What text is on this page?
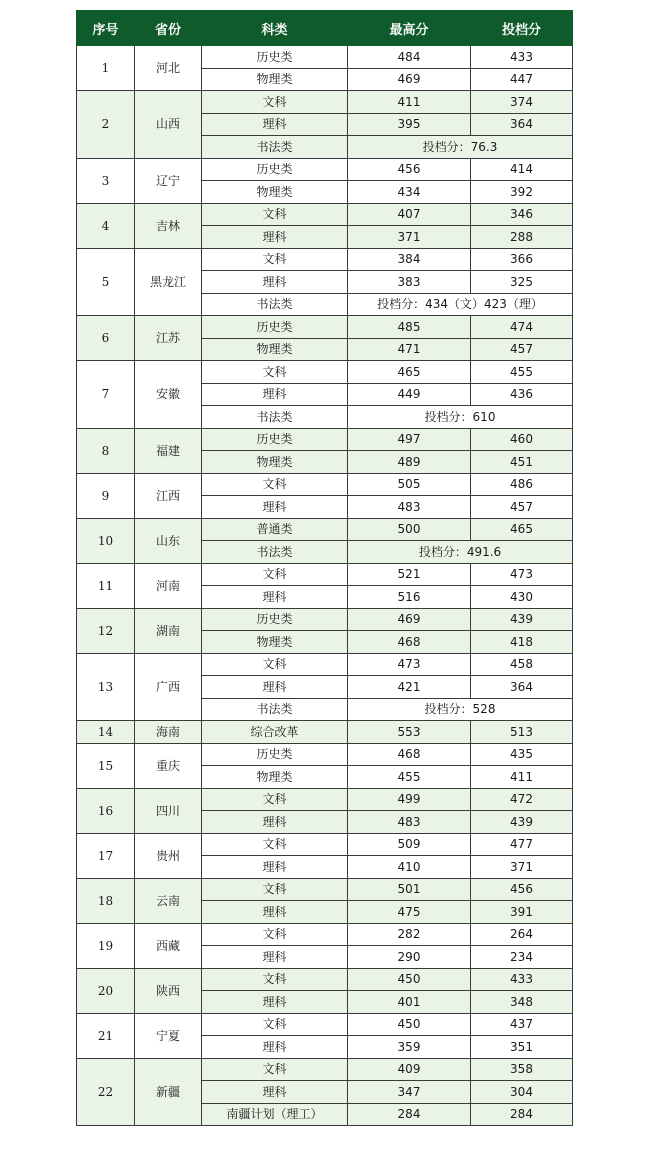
序号	省份	科类	最高分	投档分
1	河北	历史类	484	433
		物理类	469	447
2	山西	文科	411	374
		理科	395	364
		书法类	投档分：76.3	
3	辽宁	历史类	456	414
		物理类	434	392
4	吉林	文科	407	346
		理科	371	288
5	黑龙江	文科	384	366
		理科	383	325
		书法类	投档分：434（文）423（理）	
6	江苏	历史类	485	474
		物理类	471	457
7	安徽	文科	465	455
		理科	449	436
		书法类	投档分：610	
8	福建	历史类	497	460
		物理类	489	451
9	江西	文科	505	486
		理科	483	457
10	山东	普通类	500	465
		书法类	投档分：491.6	
11	河南	文科	521	473
		理科	516	430
12	湖南	历史类	469	439
		物理类	468	418
13	广西	文科	473	458
		理科	421	364
		书法类	投档分：528	
14	海南	综合改革	553	513
15	重庆	历史类	468	435
		物理类	455	411
16	四川	文科	499	472
		理科	483	439
17	贵州	文科	509	477
		理科	410	371
18	云南	文科	501	456
		理科	475	391
19	西藏	文科	282	264
		理科	290	234
20	陕西	文科	450	433
		理科	401	348
21	宁夏	文科	450	437
		理科	359	351
22	新疆	文科	409	358
		理科	347	304
		南疆计划（理工）	284	284
